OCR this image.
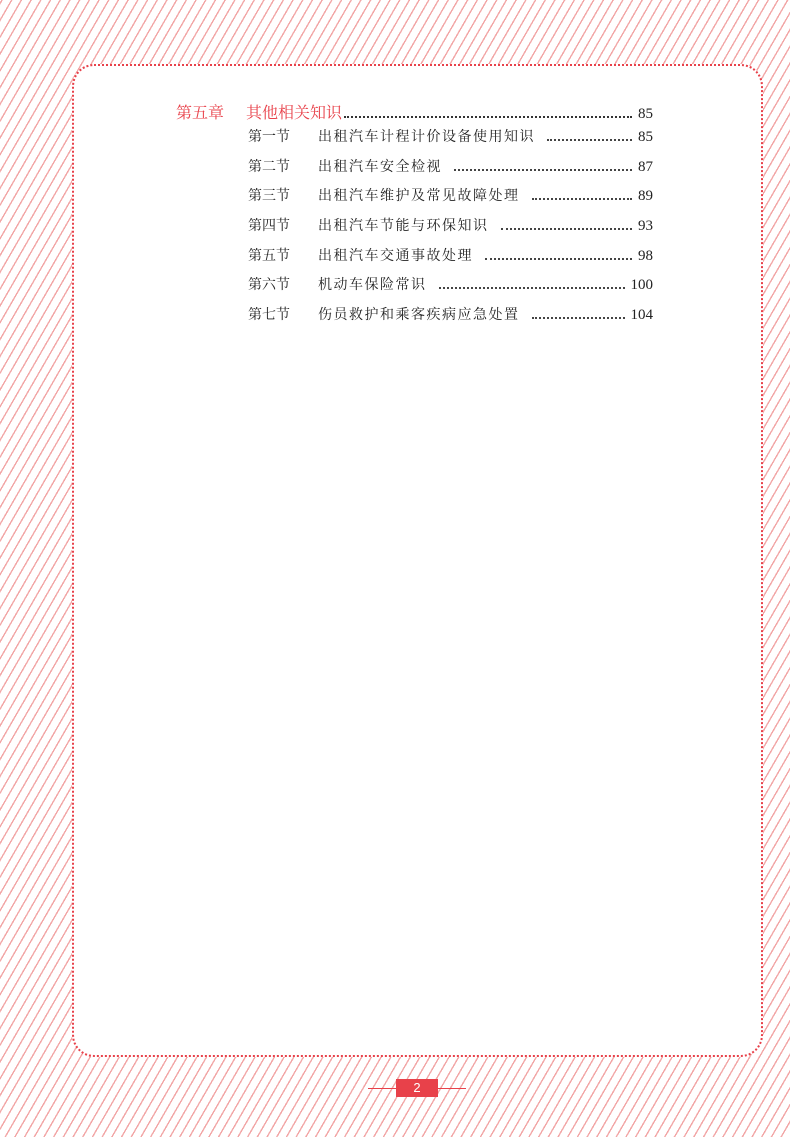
第五章	其他相关知识	85
第一节	出租汽车计程计价设备使用知识	85
第二节	出租汽车安全检视	87
第三节	出租汽车维护及常见故障处理	89
第四节	出租汽车节能与环保知识	93
第五节	出租汽车交通事故处理	98
第六节	机动车保险常识	100
第七节	伤员救护和乘客疾病应急处置	104
2
